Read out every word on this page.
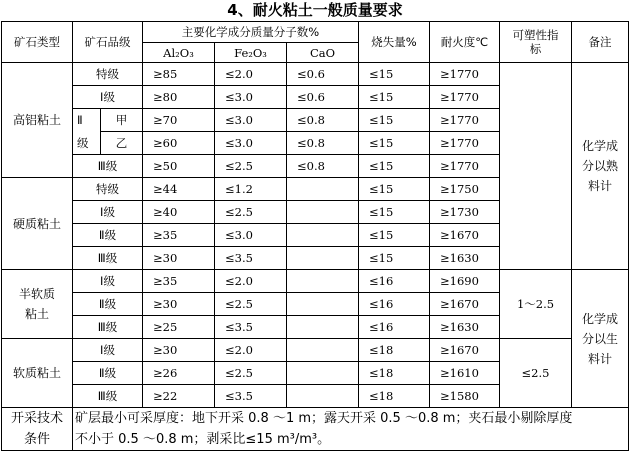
4、耐火粘土一般质量要求
矿石类型	矿石品级		主要化学成分质量分子数%			烧失量%	耐火度℃	可塑性指标	备注
			Al₂O₃	Fe₂O₃	CaO				
高铝粘土	特级		≥85	≤2.0	≤0.6	≤15	≥1770		化学成分以熟料计
	Ⅰ级		≥80	≤3.0	≤0.6	≤15	≥1770		
	Ⅱ	甲	≥70	≤3.0	≤0.8	≤15	≥1770		
	级	乙	≥60	≤3.0	≤0.8	≤15	≥1770		
	Ⅲ级		≥50	≤2.5	≤0.8	≤15	≥1770		
硬质粘土	特级		≥44	≤1.2		≤15	≥1750		
	Ⅰ级		≥40	≤2.5		≤15	≥1730		
	Ⅱ级		≥35	≤3.0		≤15	≥1670		
	Ⅲ级		≥30	≤3.5		≤15	≥1630		
半软质粘土	Ⅰ级		≥35	≤2.0		≤16	≥1690	1～2.5	化学成分以生料计
	Ⅱ级		≥30	≤2.5		≤16	≥1670		
	Ⅲ级		≥25	≤3.5		≤16	≥1630		
软质粘土	Ⅰ级		≥30	≤2.0		≤18	≥1670	≤2.5	
	Ⅱ级		≥26	≤2.5		≤18	≥1610		
	Ⅲ级		≥22	≤3.5		≤18	≥1580		
开采技术条件	矿层最小可采厚度：地下开采 0.8 ～1 m；露天开采 0.5 ～0.8 m；夹石最小剔除厚度								
	不小于 0.5 ～0.8 m；剥采比≤15 m³/m³。								
